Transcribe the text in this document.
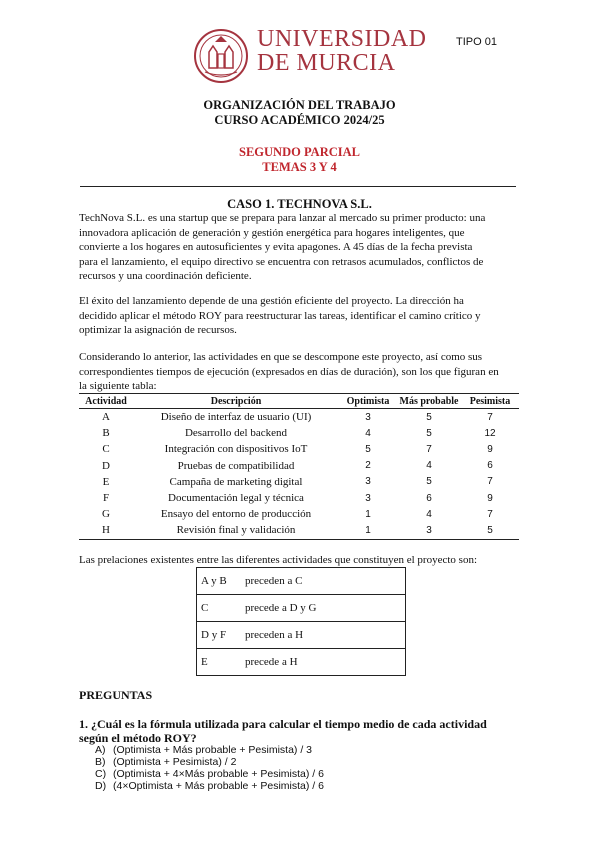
UNIVERSIDAD
DE MURCIA
TIPO 01
ORGANIZACIÓN DEL TRABAJO
CURSO ACADÉMICO 2024/25
SEGUNDO PARCIAL
TEMAS 3 Y 4
CASO 1. TECHNOVA S.L.
TechNova S.L. es una startup que se prepara para lanzar al mercado su primer producto: una
innovadora aplicación de generación y gestión energética para hogares inteligentes, que
convierte a los hogares en autosuficientes y evita apagones. A 45 días de la fecha prevista
para el lanzamiento, el equipo directivo se encuentra con retrasos acumulados, conflictos de
recursos y una coordinación deficiente.
El éxito del lanzamiento depende de una gestión eficiente del proyecto. La dirección ha
decidido aplicar el método ROY para reestructurar las tareas, identificar el camino crítico y
optimizar la asignación de recursos.
Considerando lo anterior, las actividades en que se descompone este proyecto, así como sus
correspondientes tiempos de ejecución (expresados en días de duración), son los que figuran en
la siguiente tabla:
Actividad	Descripción	Optimista	Más probable	Pesimista
A	Diseño de interfaz de usuario (UI)	3	5	7
B	Desarrollo del backend	4	5	12
C	Integración con dispositivos IoT	5	7	9
D	Pruebas de compatibilidad	2	4	6
E	Campaña de marketing digital	3	5	7
F	Documentación legal y técnica	3	6	9
G	Ensayo del entorno de producción	1	4	7
H	Revisión final y validación	1	3	5
Las prelaciones existentes entre las diferentes actividades que constituyen el proyecto son:
A y B	preceden a C
C	precede a D y G
D y F	preceden a H
E	precede a H
PREGUNTAS
1. ¿Cuál es la fórmula utilizada para calcular el tiempo medio de cada actividad según el método ROY?
A) (Optimista + Más probable + Pesimista) / 3
B) (Optimista + Pesimista) / 2
C) (Optimista + 4×Más probable + Pesimista) / 6
D) (4×Optimista + Más probable + Pesimista) / 6
